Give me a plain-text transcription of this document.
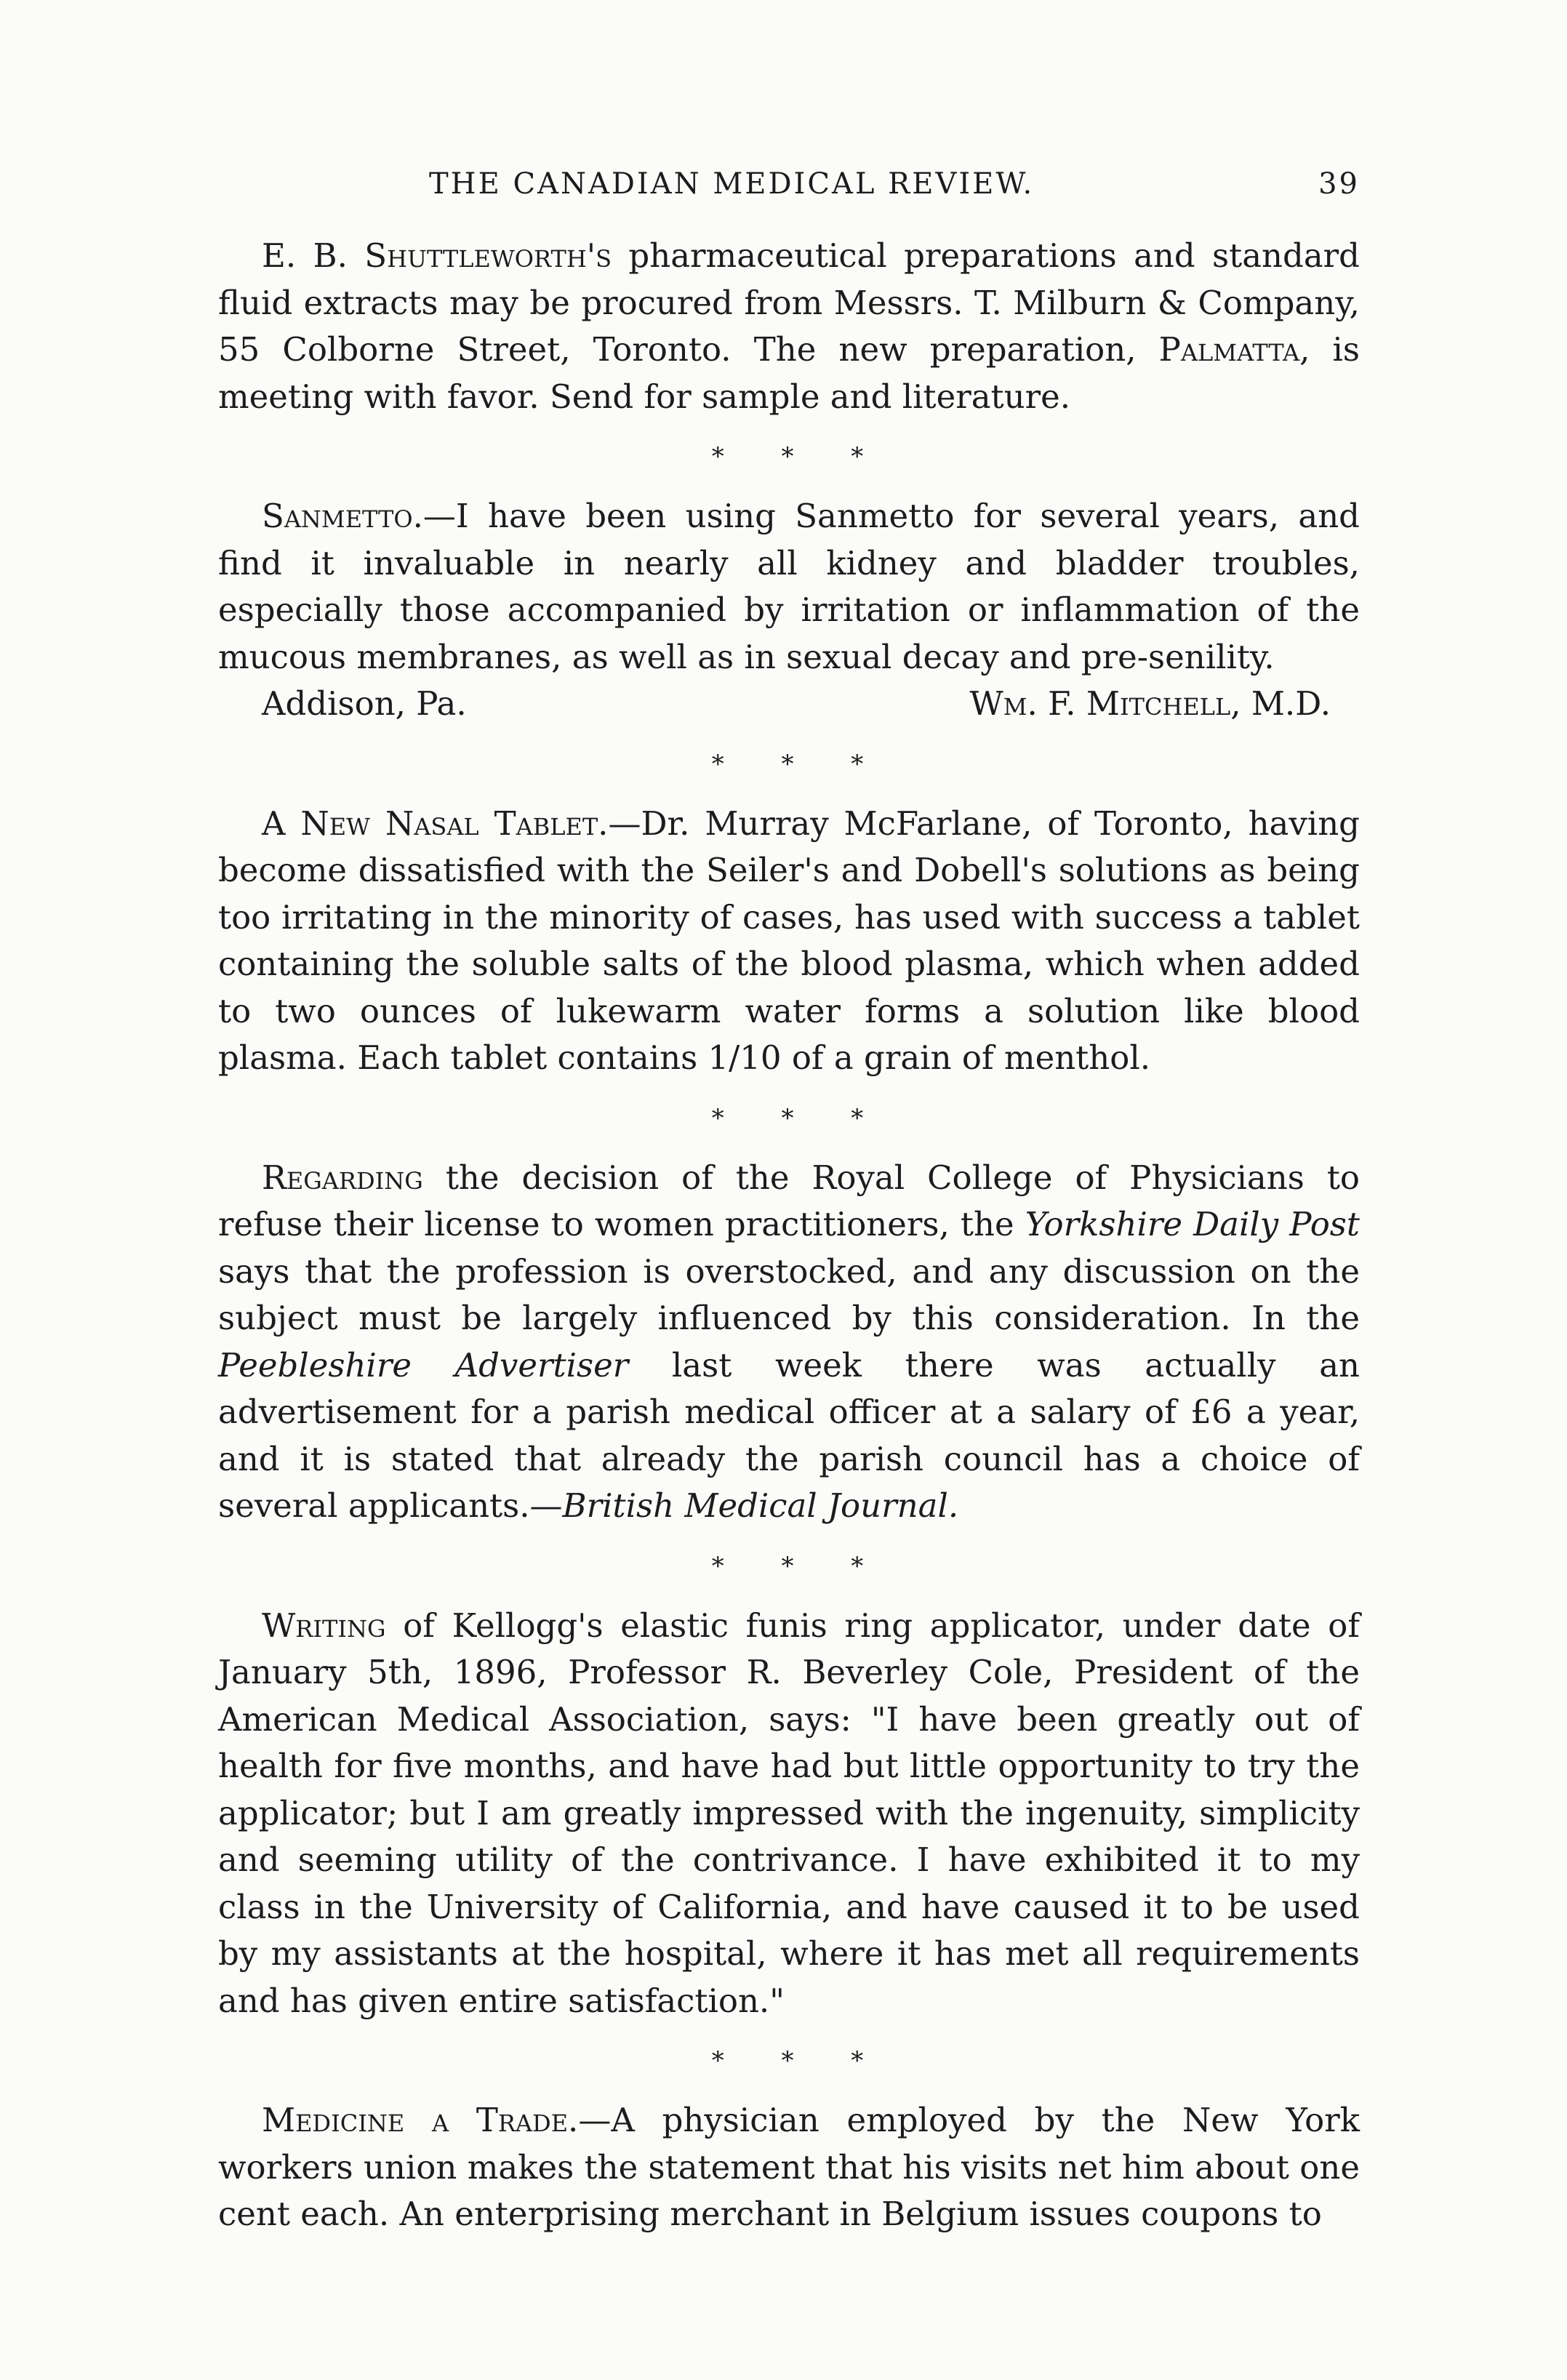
THE CANADIAN MEDICAL REVIEW.	39

E. B. Shuttleworth's pharmaceutical preparations and standard fluid extracts may be procured from Messrs. T. Milburn & Company, 55 Colborne Street, Toronto. The new preparation, Palmatta, is meeting with favor. Send for sample and literature.

* * *

Sanmetto.—I have been using Sanmetto for several years, and find it invaluable in nearly all kidney and bladder troubles, especially those accompanied by irritation or inflammation of the mucous membranes, as well as in sexual decay and pre-senility.

Addison, Pa.	Wm. F. Mitchell, M.D.
* * *

A New Nasal Tablet.—Dr. Murray McFarlane, of Toronto, having become dissatisfied with the Seiler's and Dobell's solutions as being too irritating in the minority of cases, has used with success a tablet containing the soluble salts of the blood plasma, which when added to two ounces of lukewarm water forms a solution like blood plasma. Each tablet contains 1/10 of a grain of menthol.

* * *

Regarding the decision of the Royal College of Physicians to refuse their license to women practitioners, the Yorkshire Daily Post says that the profession is overstocked, and any discussion on the subject must be largely influenced by this consideration. In the Peebleshire Advertiser last week there was actually an advertisement for a parish medical officer at a salary of £6 a year, and it is stated that already the parish council has a choice of several applicants.—British Medical Journal.

* * *

Writing of Kellogg's elastic funis ring applicator, under date of January 5th, 1896, Professor R. Beverley Cole, President of the American Medical Association, says: "I have been greatly out of health for five months, and have had but little opportunity to try the applicator; but I am greatly impressed with the ingenuity, simplicity and seeming utility of the contrivance. I have exhibited it to my class in the University of California, and have caused it to be used by my assistants at the hospital, where it has met all requirements and has given entire satisfaction."

* * *

Medicine a Trade.—A physician employed by the New York workers union makes the statement that his visits net him about one cent each. An enterprising merchant in Belgium issues coupons to
